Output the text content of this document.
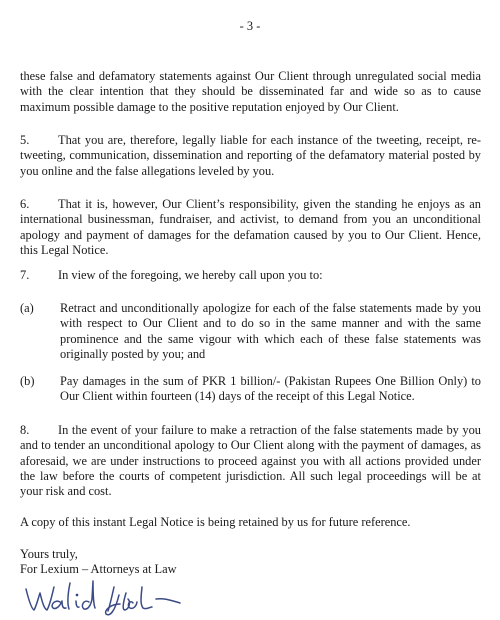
- 3 -

these false and defamatory statements against Our Client through unregulated social media with the clear intention that they should be disseminated far and wide so as to cause maximum possible damage to the positive reputation enjoyed by Our Client.

5. That you are, therefore, legally liable for each instance of the tweeting, receipt, re-tweeting, communication, dissemination and reporting of the defamatory material posted by you online and the false allegations leveled by you.

6. That it is, however, Our Client’s responsibility, given the standing he enjoys as an international businessman, fundraiser, and activist, to demand from you an unconditional apology and payment of damages for the defamation caused by you to Our Client. Hence, this Legal Notice.

7. In view of the foregoing, we hereby call upon you to:

(a) Retract and unconditionally apologize for each of the false statements made by you with respect to Our Client and to do so in the same manner and with the same prominence and the same vigour with which each of these false statements was originally posted by you; and
(b) Pay damages in the sum of PKR 1 billion/- (Pakistan Rupees One Billion Only) to Our Client within fourteen (14) days of the receipt of this Legal Notice.

8. In the event of your failure to make a retraction of the false statements made by you and to tender an unconditional apology to Our Client along with the payment of damages, as aforesaid, we are under instructions to proceed against you with all actions provided under the law before the courts of competent jurisdiction. All such legal proceedings will be at your risk and cost.

A copy of this instant Legal Notice is being retained by us for future reference.

Yours truly,
For Lexium – Attorneys at Law
